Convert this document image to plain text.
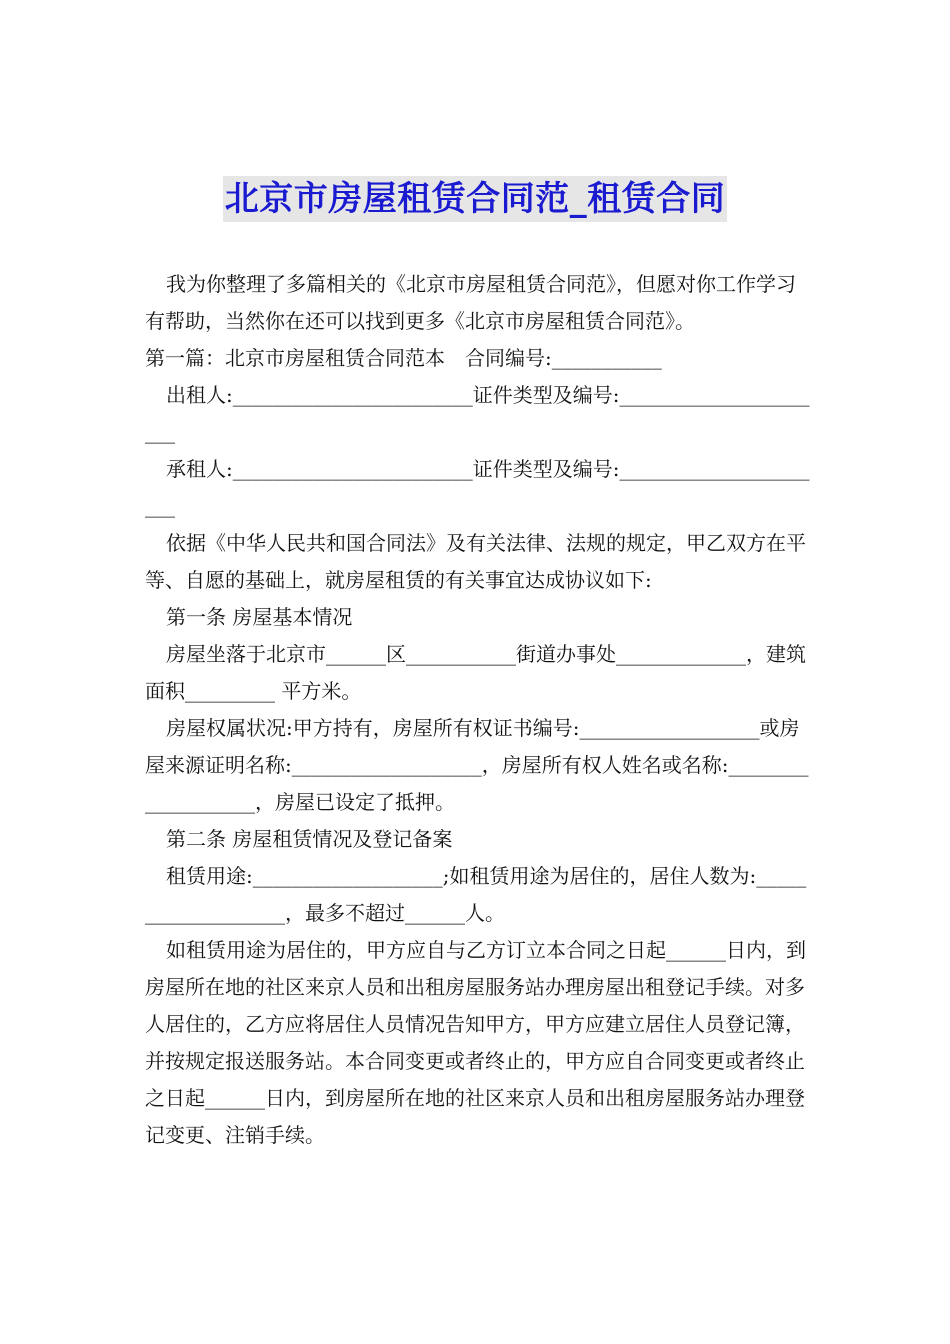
北京市房屋租赁合同范_租赁合同

我为你整理了多篇相关的《北京市房屋租赁合同范》，但愿对你工作学习有帮助，当然你在还可以找到更多《北京市房屋租赁合同范》。

第一篇：北京市房屋租赁合同范本　合同编号:___________

出租人:________________________证件类型及编号:______________________

承租人:________________________证件类型及编号:______________________

依据《中华人民共和国合同法》及有关法律、法规的规定，甲乙双方在平等、自愿的基础上，就房屋租赁的有关事宜达成协议如下:

第一条 房屋基本情况

房屋坐落于北京市______区___________街道办事处_____________，建筑面积_________ 平方米。

房屋权属状况:甲方持有，房屋所有权证书编号:__________________或房屋来源证明名称:___________________，房屋所有权人姓名或名称:___________________，房屋已设定了抵押。

第二条 房屋租赁情况及登记备案

租赁用途:___________________;如租赁用途为居住的，居住人数为:___________________，最多不超过______人。

如租赁用途为居住的，甲方应自与乙方订立本合同之日起______日内，到房屋所在地的社区来京人员和出租房屋服务站办理房屋出租登记手续。对多人居住的，乙方应将居住人员情况告知甲方，甲方应建立居住人员登记簿，并按规定报送服务站。本合同变更或者终止的，甲方应自合同变更或者终止之日起______日内，到房屋所在地的社区来京人员和出租房屋服务站办理登记变更、注销手续。
